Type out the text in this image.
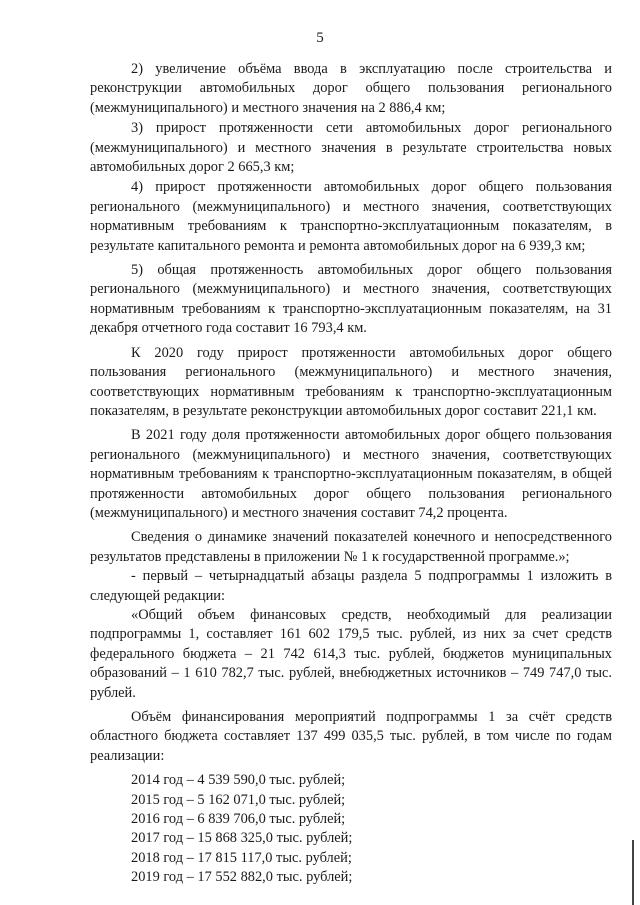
5

2) увеличение объёма ввода в эксплуатацию после строительства и реконструкции автомобильных дорог общего пользования регионального (межмуниципального) и местного значения на 2 886,4 км;

3) прирост протяженности сети автомобильных дорог регионального (межмуниципального) и местного значения в результате строительства новых автомобильных дорог 2 665,3 км;

4) прирост протяженности автомобильных дорог общего пользования регионального (межмуниципального) и местного значения, соответствующих нормативным требованиям к транспортно-эксплуатационным показателям, в результате капитального ремонта и ремонта автомобильных дорог на 6 939,3 км;

5) общая протяженность автомобильных дорог общего пользования регионального (межмуниципального) и местного значения, соответствующих нормативным требованиям к транспортно-эксплуатационным показателям, на 31 декабря отчетного года составит 16 793,4 км.

К 2020 году прирост протяженности автомобильных дорог общего пользования регионального (межмуниципального) и местного значения, соответствующих нормативным требованиям к транспортно-эксплуатационным показателям, в результате реконструкции автомобильных дорог составит 221,1 км.

В 2021 году доля протяженности автомобильных дорог общего пользования регионального (межмуниципального) и местного значения, соответствующих нормативным требованиям к транспортно-эксплуатационным показателям, в общей протяженности автомобильных дорог общего пользования регионального (межмуниципального) и местного значения составит 74,2 процента.

Сведения о динамике значений показателей конечного и непосредственного результатов представлены в приложении № 1 к государственной программе.»;

- первый – четырнадцатый абзацы раздела 5 подпрограммы 1 изложить в следующей редакции:

«Общий объем финансовых средств, необходимый для реализации подпрограммы 1, составляет 161 602 179,5 тыс. рублей, из них за счет средств федерального бюджета – 21 742 614,3 тыс. рублей, бюджетов муниципальных образований – 1 610 782,7 тыс. рублей, внебюджетных источников – 749 747,0 тыс. рублей.

Объём финансирования мероприятий подпрограммы 1 за счёт средств областного бюджета составляет 137 499 035,5 тыс. рублей, в том числе по годам реализации:

2014 год – 4 539 590,0 тыс. рублей;
2015 год – 5 162 071,0 тыс. рублей;
2016 год – 6 839 706,0 тыс. рублей;
2017 год – 15 868 325,0 тыс. рублей;
2018 год – 17 815 117,0 тыс. рублей;
2019 год – 17 552 882,0 тыс. рублей;
